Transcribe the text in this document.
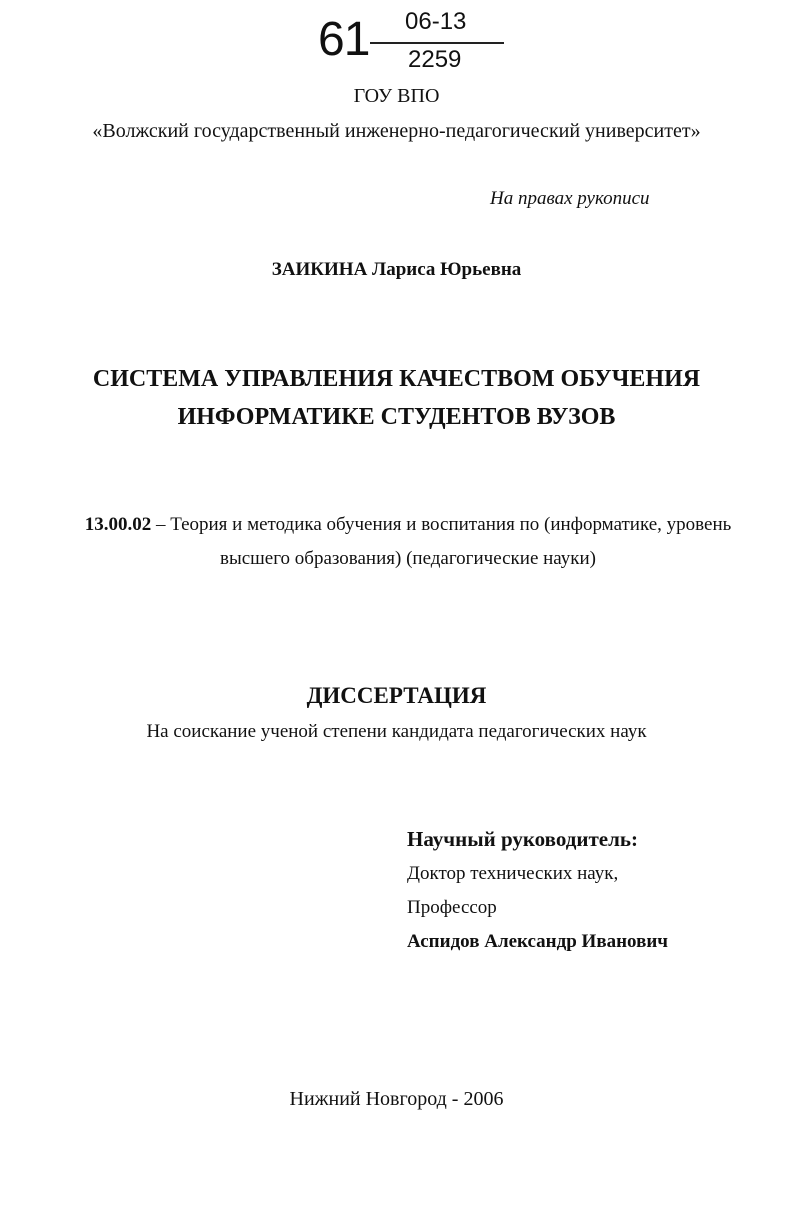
61 06-13
2259
ГОУ ВПО
«Волжский государственный инженерно-педагогический университет»
На правах рукописи
ЗАИКИНА Лариса Юрьевна
СИСТЕМА УПРАВЛЕНИЯ КАЧЕСТВОМ ОБУЧЕНИЯ
ИНФОРМАТИКЕ СТУДЕНТОВ ВУЗОВ
13.00.02 – Теория и методика обучения и воспитания по (информатике, уровень
высшего образования) (педагогические науки)
ДИССЕРТАЦИЯ
На соискание ученой степени кандидата педагогических наук
Научный руководитель:
Доктор технических наук,
Профессор
Аспидов Александр Иванович
Нижний Новгород - 2006
